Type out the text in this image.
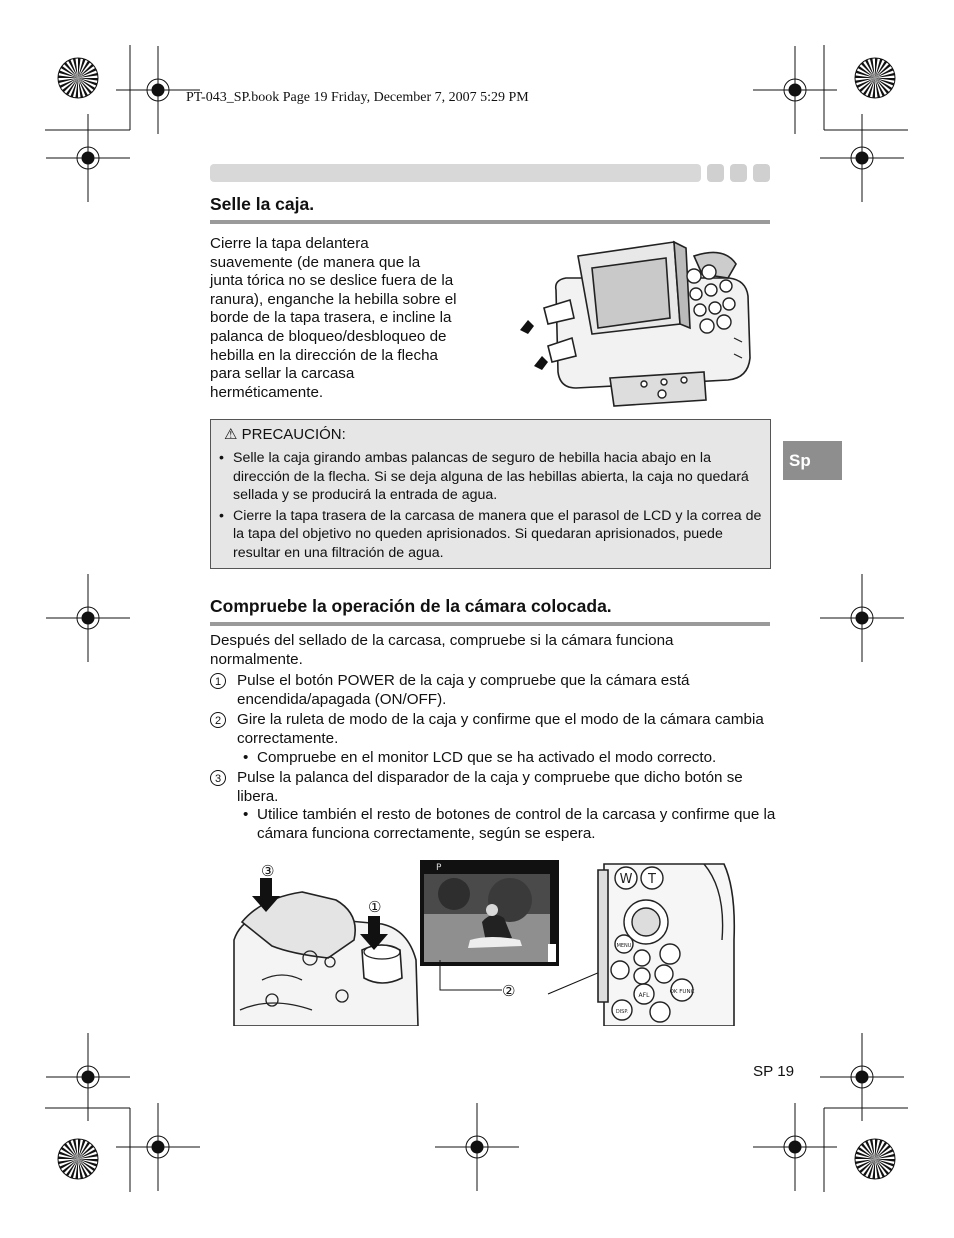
PT-043_SP.book Page 19 Friday, December 7, 2007 5:29 PM
Selle la caja.
Cierre la tapa delantera
suavemente (de manera que la
junta tórica no se deslice fuera de la
ranura), enganche la hebilla sobre el
borde de la tapa trasera, e incline la
palanca de bloqueo/desbloqueo de
hebilla en la dirección de la flecha
para sellar la carcasa
herméticamente.
⚠ PRECAUCIÓN:
• Selle la caja girando ambas palancas de seguro de hebilla hacia abajo en la dirección de la flecha. Si se deja alguna de las hebillas abierta, la caja no quedará sellada y se producirá la entrada de agua.
• Cierre la tapa trasera de la carcasa de manera que el parasol de LCD y la correa de la tapa del objetivo no queden aprisionados. Si quedaran aprisionados, puede resultar en una filtración de agua.
Sp
Compruebe la operación de la cámara colocada.
Después del sellado de la carcasa, compruebe si la cámara funciona normalmente.
1	Pulse el botón POWER de la caja y compruebe que la cámara está encendida/apagada (ON/OFF).
2	Gire la ruleta de modo de la caja y confirme que el modo de la cámara cambia correctamente.
• Compruebe en el monitor LCD que se ha activado el modo correcto.
3	Pulse la palanca del disparador de la caja y compruebe que dicho botón se libera.
• Utilice también el resto de botones de control de la carcasa y confirme que la cámara funciona correctamente, según se espera.
③
①
P
②
W T
MENU
AFL	OK FUNC
DISP.
SP 19
